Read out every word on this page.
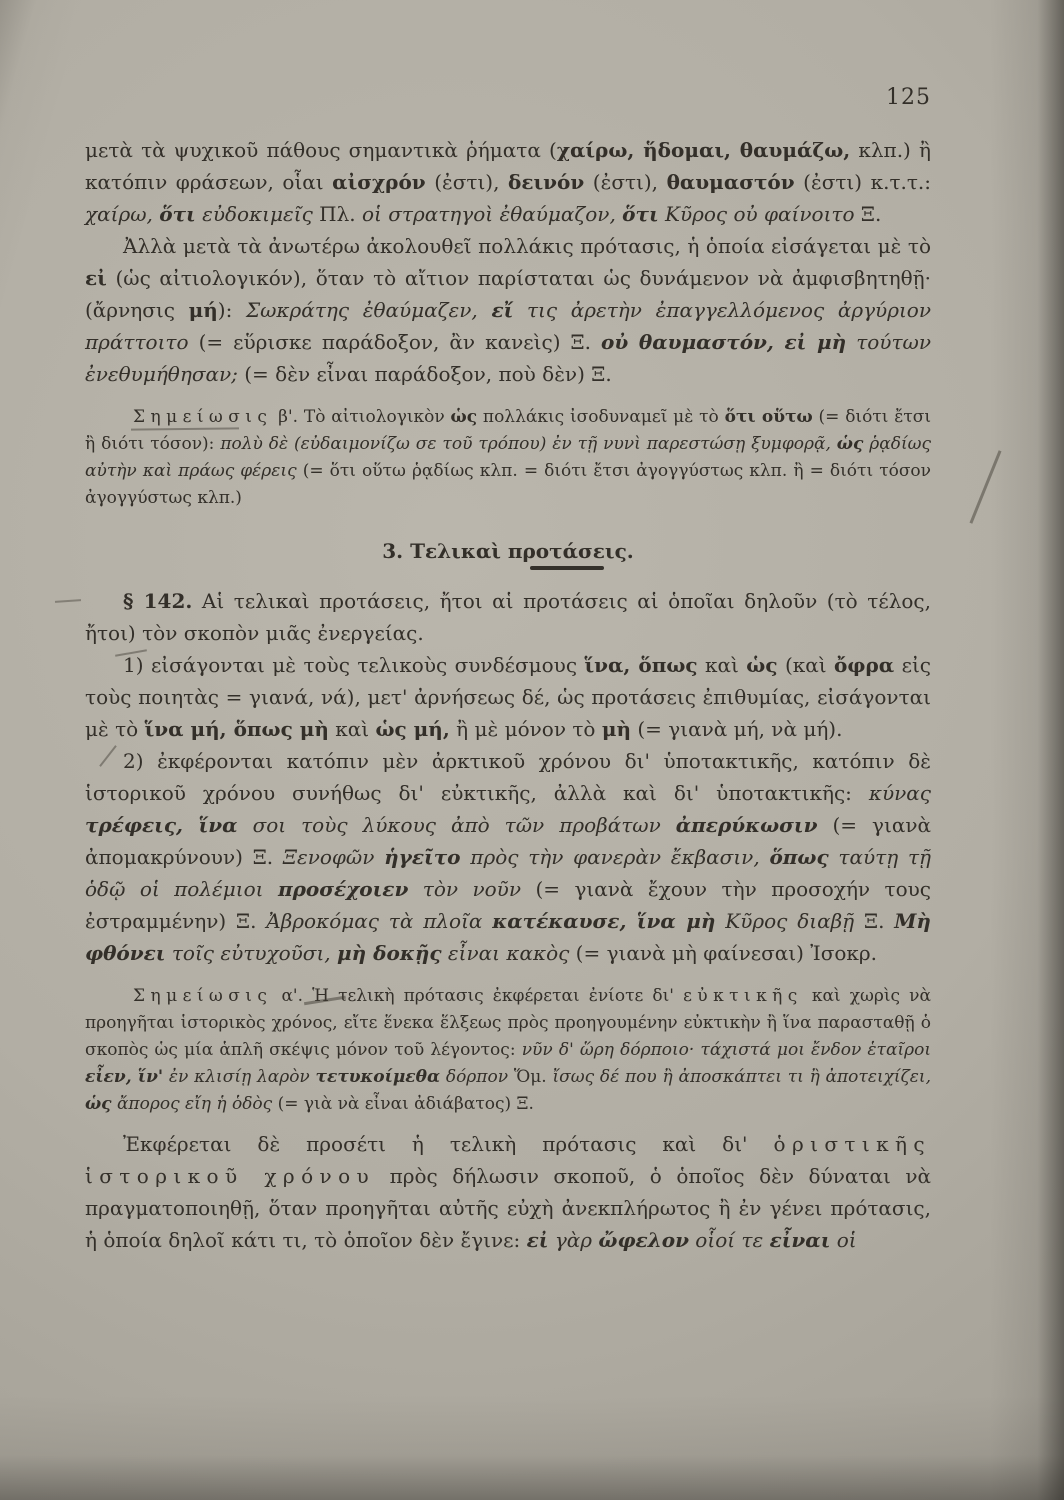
125
μετὰ τὰ ψυχικοῦ πάθους σημαντικὰ ῥήματα (χαίρω, ἥδομαι, θαυμάζω, κλπ.) ἢ κατόπιν φράσεων, οἷαι αἰσχρόν (ἐστι), δεινόν (ἐστι), θαυμαστόν (ἐστι) κ.τ.τ.: χαίρω, ὅτι εὐδοκιμεῖς Πλ. οἱ στρατηγοὶ ἐθαύμαζον, ὅτι Κῦρος οὐ φαίνοιτο Ξ.
Ἀλλὰ μετὰ τὰ ἀνωτέρω ἀκολουθεῖ πολλάκις πρότασις, ἡ ὁποία εἰσάγεται μὲ τὸ εἰ (ὡς αἰτιολογικόν), ὅταν τὸ αἴτιον παρίσταται ὡς δυνάμενον νὰ ἀμφισβητηθῇ· (ἄρνησις μή): Σωκράτης ἐθαύμαζεν, εἴ τις ἀρετὴν ἐπαγγελλόμενος ἀργύριον πράττοιτο (= εὕρισκε παράδοξον, ἂν κανεὶς) Ξ. οὐ θαυμαστόν, εἰ μὴ τούτων ἐνεθυμήθησαν; (= δὲν εἶναι παράδοξον, ποὺ δὲν) Ξ.
Σημείωσις β'. Τὸ αἰτιολογικὸν ὡς πολλάκις ἰσοδυναμεῖ μὲ τὸ ὅτι οὕτω (= διότι ἔτσι ἢ διότι τόσον): πολὺ δὲ (εὐδαιμονίζω σε τοῦ τρόπου) ἐν τῇ νυνὶ παρεστώσῃ ξυμφορᾷ, ὡς ῥᾳδίως αὐτὴν καὶ πράως φέρεις (= ὅτι οὕτω ῥᾳδίως κλπ. = διότι ἔτσι ἀγογγύστως κλπ. ἢ = διότι τόσον ἀγογγύστως κλπ.)
3. Τελικαὶ προτάσεις.
§ 142. Αἱ τελικαὶ προτάσεις, ἤτοι αἱ προτάσεις αἱ ὁποῖαι δηλοῦν (τὸ τέλος, ἤτοι) τὸν σκοπὸν μιᾶς ἐνεργείας.
1) εἰσάγονται μὲ τοὺς τελικοὺς συνδέσμους ἵνα, ὅπως καὶ ὡς (καὶ ὄφρα εἰς τοὺς ποιητὰς = γιανά, νά), μετ' ἀρνήσεως δέ, ὡς προτάσεις ἐπιθυμίας, εἰσάγονται μὲ τὸ ἵνα μή, ὅπως μὴ καὶ ὡς μή, ἢ μὲ μόνον τὸ μὴ (= γιανὰ μή, νὰ μή).
2) ἐκφέρονται κατόπιν μὲν ἀρκτικοῦ χρόνου δι' ὑποτακτικῆς, κατόπιν δὲ ἱστορικοῦ χρόνου συνήθως δι' εὐκτικῆς, ἀλλὰ καὶ δι' ὑποτακτικῆς: κύνας τρέφεις, ἵνα σοι τοὺς λύκους ἀπὸ τῶν προβάτων ἀπερύκωσιν (= γιανὰ ἀπομακρύνουν) Ξ. Ξενοφῶν ἡγεῖτο πρὸς τὴν φανερὰν ἔκβασιν, ὅπως ταύτῃ τῇ ὁδῷ οἱ πολέμιοι προσέχοιεν τὸν νοῦν (= γιανὰ ἔχουν τὴν προσοχήν τους ἐστραμμένην) Ξ. Ἀβροκόμας τὰ πλοῖα κατέκαυσε, ἵνα μὴ Κῦρος διαβῇ Ξ. Μὴ φθόνει τοῖς εὐτυχοῦσι, μὴ δοκῇς εἶναι κακὸς (= γιανὰ μὴ φαίνεσαι) Ἰσοκρ.
Σημείωσις α'. Ἡ τελικὴ πρότασις ἐκφέρεται ἐνίοτε δι' εὐκτικῆς καὶ χωρὶς νὰ προηγῆται ἱστορικὸς χρόνος, εἴτε ἕνεκα ἕλξεως πρὸς προηγουμένην εὐκτικὴν ἢ ἵνα παρασταθῇ ὁ σκοπὸς ὡς μία ἁπλῆ σκέψις μόνον τοῦ λέγοντος: νῦν δ' ὥρη δόρποιο· τάχιστά μοι ἔνδον ἑταῖροι εἶεν, ἵν' ἐν κλισίῃ λαρὸν τετυκοίμεθα δόρπον Ὅμ. ἴσως δέ που ἢ ἀποσκάπτει τι ἢ ἀποτειχίζει, ὡς ἄπορος εἴη ἡ ὁδὸς (= γιὰ νὰ εἶναι ἀδιάβατος) Ξ.
Ἐκφέρεται δὲ προσέτι ἡ τελικὴ πρότασις καὶ δι' ὁριστικῆς ἱστορικοῦ χρόνου πρὸς δήλωσιν σκοποῦ, ὁ ὁποῖος δὲν δύναται νὰ πραγματοποιηθῇ, ὅταν προηγῆται αὐτῆς εὐχὴ ἀνεκπλήρωτος ἢ ἐν γένει πρότασις, ἡ ὁποία δηλοῖ κάτι τι, τὸ ὁποῖον δὲν ἔγινε: εἰ γὰρ ὤφελον οἷοί τε εἶναι οἱ
